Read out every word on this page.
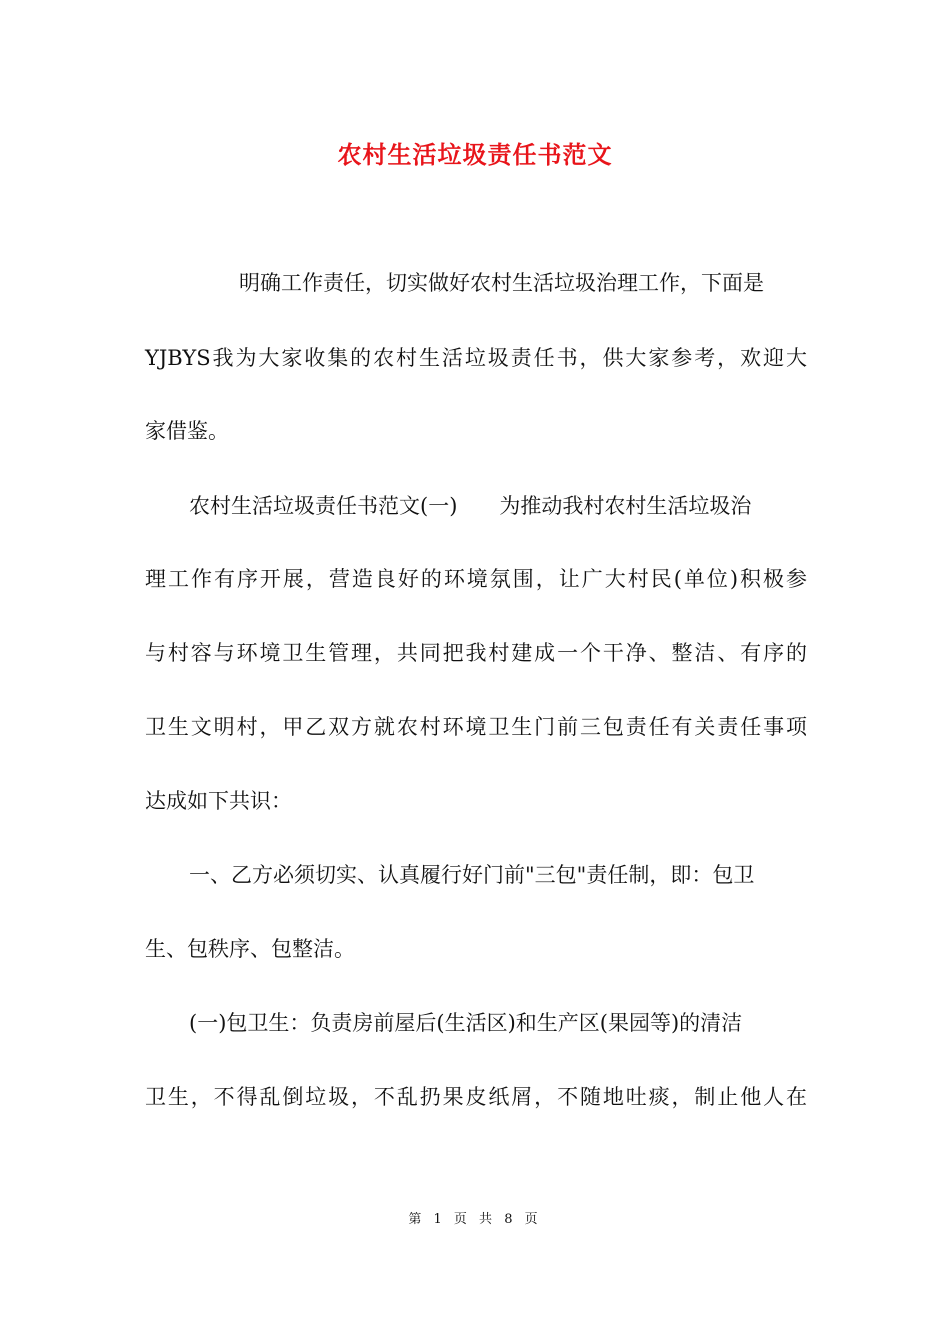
农村生活垃圾责任书范文
明确工作责任，切实做好农村生活垃圾治理工作，下面是
YJBYS我为大家收集的农村生活垃圾责任书，供大家参考，欢迎大
家借鉴。
农村生活垃圾责任书范文(一)　　为推动我村农村生活垃圾治
理工作有序开展，营造良好的环境氛围，让广大村民(单位)积极参
与村容与环境卫生管理，共同把我村建成一个干净、整洁、有序的
卫生文明村，甲乙双方就农村环境卫生门前三包责任有关责任事项
达成如下共识：
一、乙方必须切实、认真履行好门前"三包"责任制，即：包卫
生、包秩序、包整洁。
(一)包卫生：负责房前屋后(生活区)和生产区(果园等)的清洁
卫生，不得乱倒垃圾，不乱扔果皮纸屑，不随地吐痰，制止他人在
第 1 页 共 8 页
